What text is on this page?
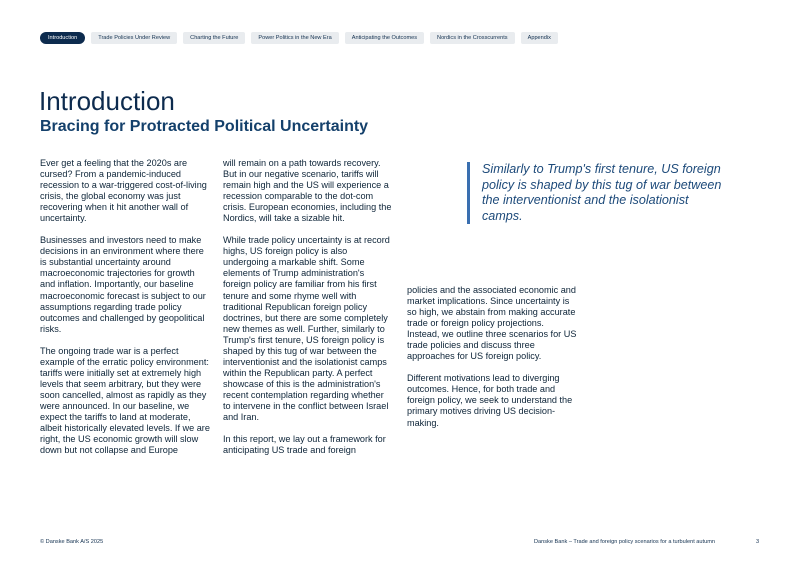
Introduction	Trade Policies Under Review	Charting the Future	Power Politics in the New Era	Anticipating the Outcomes	Nordics in the Crosscurrents	Appendix
Introduction
Bracing for Protracted Political Uncertainty

Ever get a feeling that the 2020s are cursed? From a pandemic-induced recession to a war-triggered cost-of-living crisis, the global economy was just recovering when it hit another wall of uncertainty.

Businesses and investors need to make decisions in an environment where there is substantial uncertainty around macroeconomic trajectories for growth and inflation. Importantly, our baseline macroeconomic forecast is subject to our assumptions regarding trade policy outcomes and challenged by geopolitical risks.

The ongoing trade war is a perfect example of the erratic policy environment: tariffs were initially set at extremely high levels that seem arbitrary, but they were soon cancelled, almost as rapidly as they were announced. In our baseline, we expect the tariffs to land at moderate, albeit historically elevated levels. If we are right, the US economic growth will slow down but not collapse and Europe

will remain on a path towards recovery. But in our negative scenario, tariffs will remain high and the US will experience a recession comparable to the dot-com crisis. European economies, including the Nordics, will take a sizable hit.

While trade policy uncertainty is at record highs, US foreign policy is also undergoing a markable shift. Some elements of Trump administration's foreign policy are familiar from his first tenure and some rhyme well with traditional Republican foreign policy doctrines, but there are some completely new themes as well. Further, similarly to Trump's first tenure, US foreign policy is shaped by this tug of war between the interventionist and the isolationist camps within the Republican party. A perfect showcase of this is the administration's recent contemplation regarding whether to intervene in the conflict between Israel and Iran.

In this report, we lay out a framework for anticipating US trade and foreign

Similarly to Trump's first tenure, US foreign policy is shaped by this tug of war between the interventionist and the isolationist camps.

policies and the associated economic and market implications. Since uncertainty is so high, we abstain from making accurate trade or foreign policy projections. Instead, we outline three scenarios for US trade policies and discuss three approaches for US foreign policy.

Different motivations lead to diverging outcomes. Hence, for both trade and foreign policy, we seek to understand the primary motives driving US decision-making.

© Danske Bank A/S 2025	Danske Bank – Trade and foreign policy scenarios for a turbulent autumn	3
